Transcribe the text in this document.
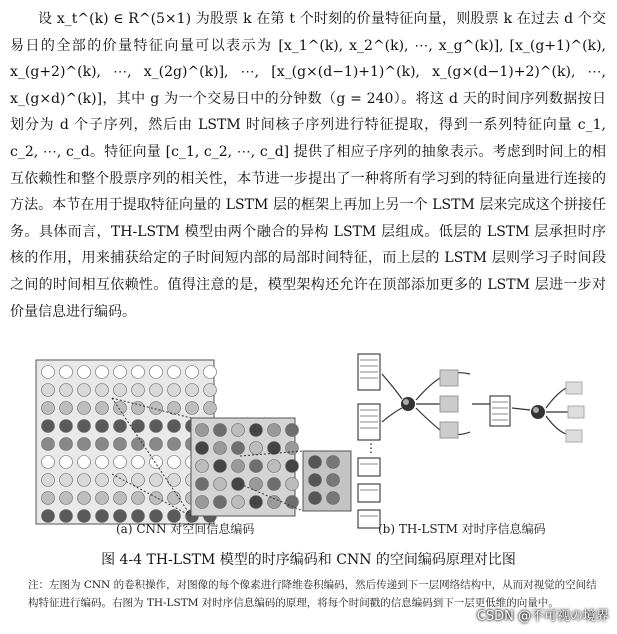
设 x_t^(k) ∈ R^(5×1) 为股票 k 在第 t 个时刻的价量特征向量，则股票 k 在过去 d 个交易日的全部的价量特征向量可以表示为 [x_1^(k), x_2^(k), ⋯, x_g^(k)], [x_(g+1)^(k), x_(g+2)^(k), ⋯, x_(2g)^(k)], ⋯, [x_(g×(d−1)+1)^(k), x_(g×(d−1)+2)^(k), ⋯, x_(g×d)^(k)]，其中 g 为一个交易日中的分钟数（g = 240）。将这 d 天的时间序列数据按日划分为 d 个子序列，然后由 LSTM 时间核子序列进行特征提取，得到一系列特征向量 c_1, c_2, ⋯, c_d。特征向量 [c_1, c_2, ⋯, c_d] 提供了相应子序列的抽象表示。考虑到时间上的相互依赖性和整个股票序列的相关性，本节进一步提出了一种将所有学习到的特征向量进行连接的方法。本节在用于提取特征向量的 LSTM 层的框架上再加上另一个 LSTM 层来完成这个拼接任务。具体而言，TH-LSTM 模型由两个融合的异构 LSTM 层组成。低层的 LSTM 层承担时序核的作用，用来捕获给定的子时间短内部的局部时间特征，而上层的 LSTM 层则学习子时间段之间的时间相互依赖性。值得注意的是，模型架构还允许在顶部添加更多的 LSTM 层进一步对价量信息进行编码。

⋮
(a) CNN 对空间信息编码	(b) TH-LSTM 对时序信息编码
图 4-4 TH-LSTM 模型的时序编码和 CNN 的空间编码原理对比图
注：左图为 CNN 的卷积操作，对图像的每个像素进行降维卷积编码，然后传递到下一层网络结构中，从而对视觉的空间结构特征进行编码。右图为 TH-LSTM 对时序信息编码的原理，将每个时间戳的信息编码到下一层更低维的向量中。
CSDN @不可视の境界
